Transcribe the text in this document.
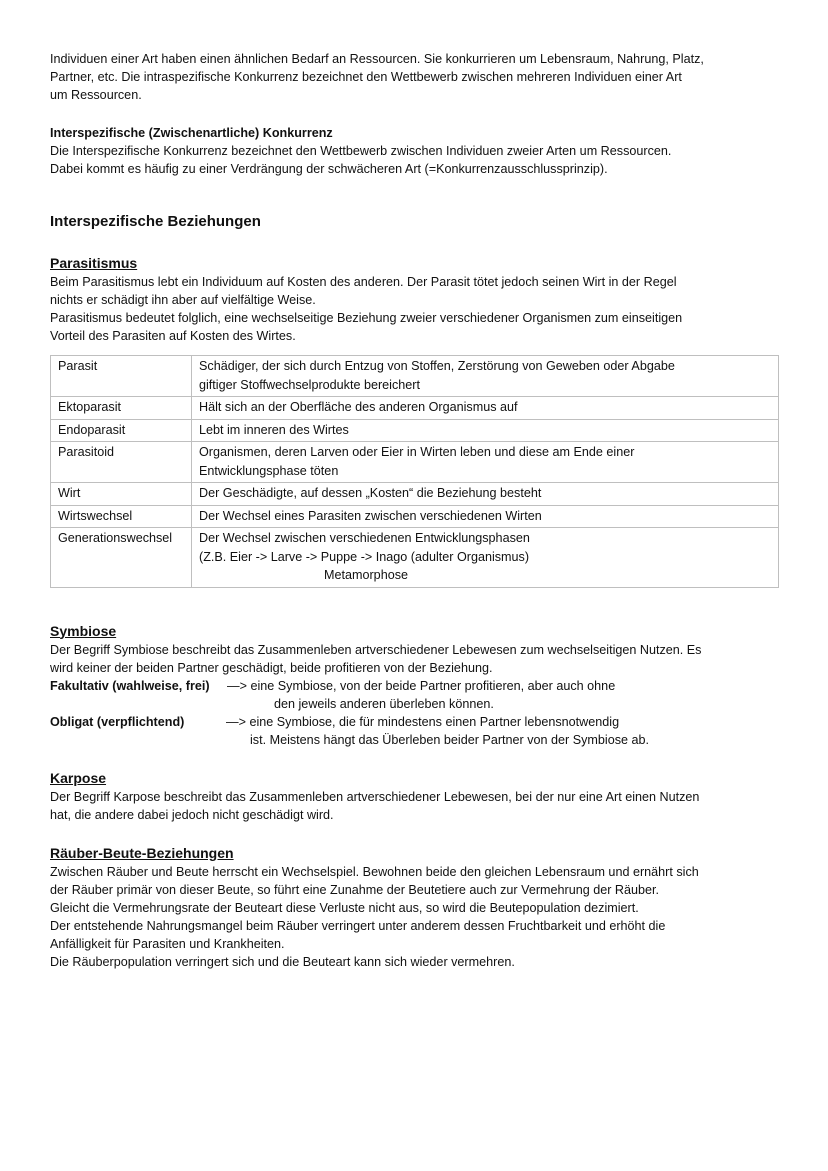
Individuen einer Art haben einen ähnlichen Bedarf an Ressourcen. Sie konkurrieren um Lebensraum, Nahrung, Platz,

Partner, etc. Die intraspezifische Konkurrenz bezeichnet den Wettbewerb zwischen mehreren Individuen einer Art

um Ressourcen.

Interspezifische (Zwischenartliche) Konkurrenz

Die Interspezifische Konkurrenz bezeichnet den Wettbewerb zwischen Individuen zweier Arten um Ressourcen.

Dabei kommt es häufig zu einer Verdrängung der schwächeren Art (=Konkurrenzausschlussprinzip).

Interspezifische Beziehungen

Parasitismus

Beim Parasitismus lebt ein Individuum auf Kosten des anderen. Der Parasit tötet jedoch seinen Wirt in der Regel

nichts er schädigt ihn aber auf vielfältige Weise.

Parasitismus bedeutet folglich, eine wechselseitige Beziehung zweier verschiedener Organismen zum einseitigen

Vorteil des Parasiten auf Kosten des Wirtes.

Parasit	Schädiger, der sich durch Entzug von Stoffen, Zerstörung von Geweben oder Abgabe
giftiger Stoffwechselprodukte bereichert

Ektoparasit	Hält sich an der Oberfläche des anderen Organismus auf

Endoparasit	Lebt im inneren des Wirtes

Parasitoid	Organismen, deren Larven oder Eier in Wirten leben und diese am Ende einer
Entwicklungsphase töten

Wirt	Der Geschädigte, auf dessen „Kosten“ die Beziehung besteht

Wirtswechsel	Der Wechsel eines Parasiten zwischen verschiedenen Wirten

Generationswechsel	Der Wechsel zwischen verschiedenen Entwicklungsphasen
(Z.B. Eier -> Larve -> Puppe -> Inago (adulter Organismus)
Metamorphose

Symbiose

Der Begriff Symbiose beschreibt das Zusammenleben artverschiedener Lebewesen zum wechselseitigen Nutzen. Es

wird keiner der beiden Partner geschädigt, beide profitieren von der Beziehung.

Fakultativ (wahlweise, frei)	—> eine Symbiose, von der beide Partner profitieren, aber auch ohne
den jeweils anderen überleben können.
Obligat (verpflichtend)	—> eine Symbiose, die für mindestens einen Partner lebensnotwendig
ist. Meistens hängt das Überleben beider Partner von der Symbiose ab.

Karpose

Der Begriff Karpose beschreibt das Zusammenleben artverschiedener Lebewesen, bei der nur eine Art einen Nutzen

hat, die andere dabei jedoch nicht geschädigt wird.

Räuber-Beute-Beziehungen

Zwischen Räuber und Beute herrscht ein Wechselspiel. Bewohnen beide den gleichen Lebensraum und ernährt sich

der Räuber primär von dieser Beute, so führt eine Zunahme der Beutetiere auch zur Vermehrung der Räuber.

Gleicht die Vermehrungsrate der Beuteart diese Verluste nicht aus, so wird die Beutepopulation dezimiert.

Der entstehende Nahrungsmangel beim Räuber verringert unter anderem dessen Fruchtbarkeit und erhöht die

Anfälligkeit für Parasiten und Krankheiten.

Die Räuberpopulation verringert sich und die Beuteart kann sich wieder vermehren.
